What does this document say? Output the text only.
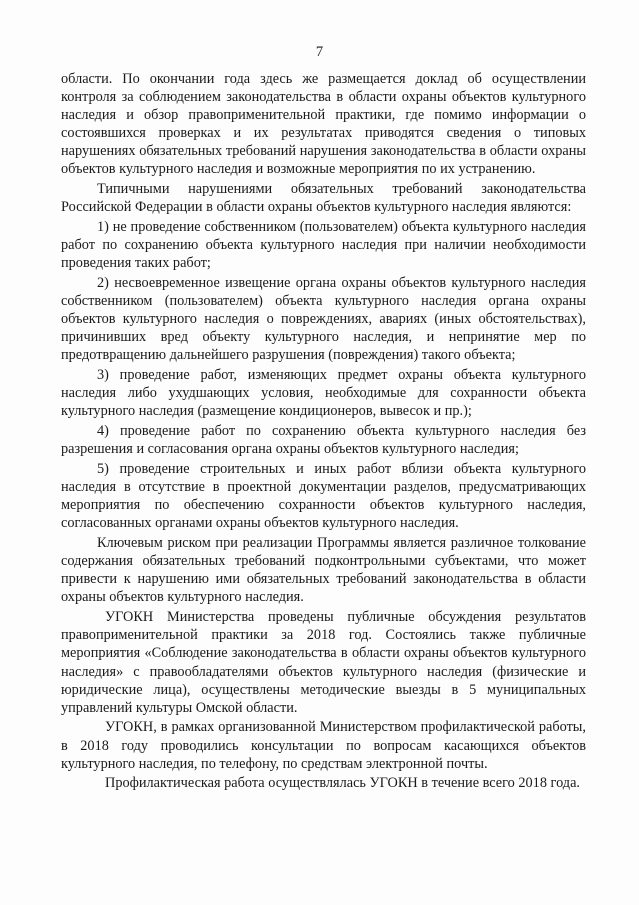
7

области. По окончании года здесь же размещается доклад об осуществлении контроля за соблюдением законодательства в области охраны объектов культурного наследия и обзор правоприменительной практики, где помимо информации о состоявшихся проверках и их результатах приводятся сведения о типовых нарушениях обязательных требований нарушения законодательства в области охраны объектов культурного наследия и возможные мероприятия по их устранению.

Типичными нарушениями обязательных требований законодательства Российской Федерации в области охраны объектов культурного наследия являются:

1) не проведение собственником (пользователем) объекта культурного наследия работ по сохранению объекта культурного наследия при наличии необходимости проведения таких работ;

2) несвоевременное извещение органа охраны объектов культурного наследия собственником (пользователем) объекта культурного наследия органа охраны объектов культурного наследия о повреждениях, авариях (иных обстоятельствах), причинивших вред объекту культурного наследия, и непринятие мер по предотвращению дальнейшего разрушения (повреждения) такого объекта;

3) проведение работ, изменяющих предмет охраны объекта культурного наследия либо ухудшающих условия, необходимые для сохранности объекта культурного наследия (размещение кондиционеров, вывесок и пр.);

4) проведение работ по сохранению объекта культурного наследия без разрешения и согласования органа охраны объектов культурного наследия;

5) проведение строительных и иных работ вблизи объекта культурного наследия в отсутствие в проектной документации разделов, предусматривающих мероприятия по обеспечению сохранности объектов культурного наследия, согласованных органами охраны объектов культурного наследия.

Ключевым риском при реализации Программы является различное толкование содержания обязательных требований подконтрольными субъектами, что может привести к нарушению ими обязательных требований законодательства в области охраны объектов культурного наследия.

УГОКН Министерства проведены публичные обсуждения результатов правоприменительной практики за 2018 год. Состоялись также публичные мероприятия «Соблюдение законодательства в области охраны объектов культурного наследия» с правообладателями объектов культурного наследия (физические и юридические лица), осуществлены методические выезды в 5 муниципальных управлений культуры Омской области.

УГОКН, в рамках организованной Министерством профилактической работы, в 2018 году проводились консультации по вопросам касающихся объектов культурного наследия, по телефону, по средствам электронной почты.

Профилактическая работа осуществлялась УГОКН в течение всего 2018 года.
